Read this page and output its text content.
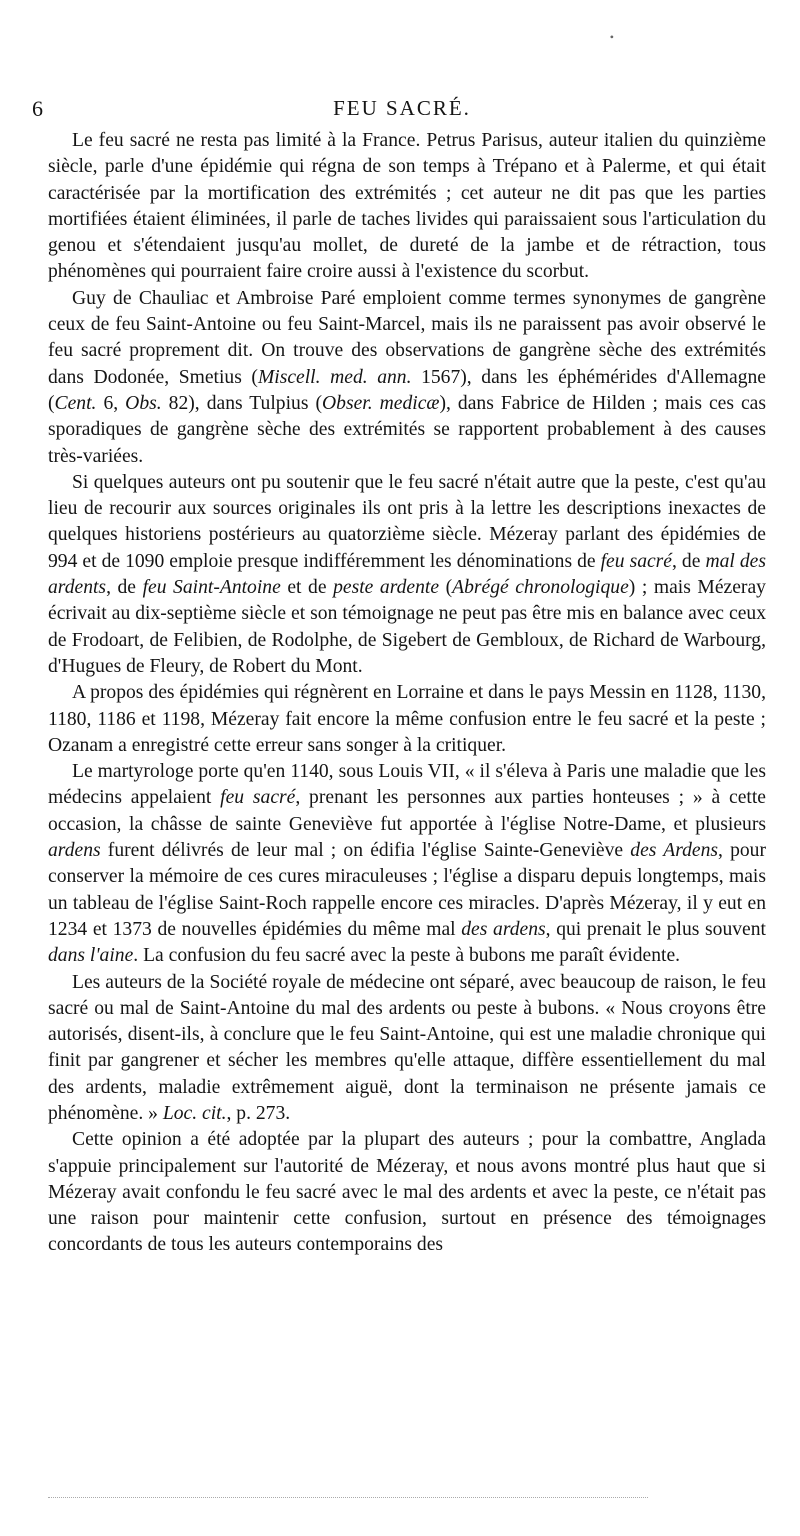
•
6	FEU SACRÉ.

Le feu sacré ne resta pas limité à la France. Petrus Parisus, auteur italien du quinzième siècle, parle d'une épidémie qui régna de son temps à Trépano et à Palerme, et qui était caractérisée par la mortification des extrémités ; cet auteur ne dit pas que les parties mortifiées étaient éliminées, il parle de taches livides qui paraissaient sous l'articulation du genou et s'étendaient jusqu'au mollet, de dureté de la jambe et de rétraction, tous phénomènes qui pourraient faire croire aussi à l'existence du scorbut.

Guy de Chauliac et Ambroise Paré emploient comme termes synonymes de gangrène ceux de feu Saint-Antoine ou feu Saint-Marcel, mais ils ne paraissent pas avoir observé le feu sacré proprement dit. On trouve des observations de gangrène sèche des extrémités dans Dodonée, Smetius (Miscell. med. ann. 1567), dans les éphémérides d'Allemagne (Cent. 6, Obs. 82), dans Tulpius (Obser. medicæ), dans Fabrice de Hilden ; mais ces cas sporadiques de gangrène sèche des extrémités se rapportent probablement à des causes très-variées.

Si quelques auteurs ont pu soutenir que le feu sacré n'était autre que la peste, c'est qu'au lieu de recourir aux sources originales ils ont pris à la lettre les descriptions inexactes de quelques historiens postérieurs au quatorzième siècle. Mézeray parlant des épidémies de 994 et de 1090 emploie presque indifféremment les dénominations de feu sacré, de mal des ardents, de feu Saint-Antoine et de peste ardente (Abrégé chronologique) ; mais Mézeray écrivait au dix-septième siècle et son témoignage ne peut pas être mis en balance avec ceux de Frodoart, de Felibien, de Rodolphe, de Sigebert de Gembloux, de Richard de Warbourg, d'Hugues de Fleury, de Robert du Mont.

A propos des épidémies qui régnèrent en Lorraine et dans le pays Messin en 1128, 1130, 1180, 1186 et 1198, Mézeray fait encore la même confusion entre le feu sacré et la peste ; Ozanam a enregistré cette erreur sans songer à la critiquer.

Le martyrologe porte qu'en 1140, sous Louis VII, « il s'éleva à Paris une maladie que les médecins appelaient feu sacré, prenant les personnes aux parties honteuses ; » à cette occasion, la châsse de sainte Geneviève fut apportée à l'église Notre-Dame, et plusieurs ardens furent délivrés de leur mal ; on édifia l'église Sainte-Geneviève des Ardens, pour conserver la mémoire de ces cures miraculeuses ; l'église a disparu depuis longtemps, mais un tableau de l'église Saint-Roch rappelle encore ces miracles. D'après Mézeray, il y eut en 1234 et 1373 de nouvelles épidémies du même mal des ardens, qui prenait le plus souvent dans l'aine. La confusion du feu sacré avec la peste à bubons me paraît évidente.

Les auteurs de la Société royale de médecine ont séparé, avec beaucoup de raison, le feu sacré ou mal de Saint-Antoine du mal des ardents ou peste à bubons. « Nous croyons être autorisés, disent-ils, à conclure que le feu Saint-Antoine, qui est une maladie chronique qui finit par gangrener et sécher les membres qu'elle attaque, diffère essentiellement du mal des ardents, maladie extrêmement aiguë, dont la terminaison ne présente jamais ce phénomène. » Loc. cit., p. 273.

Cette opinion a été adoptée par la plupart des auteurs ; pour la combattre, Anglada s'appuie principalement sur l'autorité de Mézeray, et nous avons montré plus haut que si Mézeray avait confondu le feu sacré avec le mal des ardents et avec la peste, ce n'était pas une raison pour maintenir cette confusion, surtout en présence des témoignages concordants de tous les auteurs contemporains des
